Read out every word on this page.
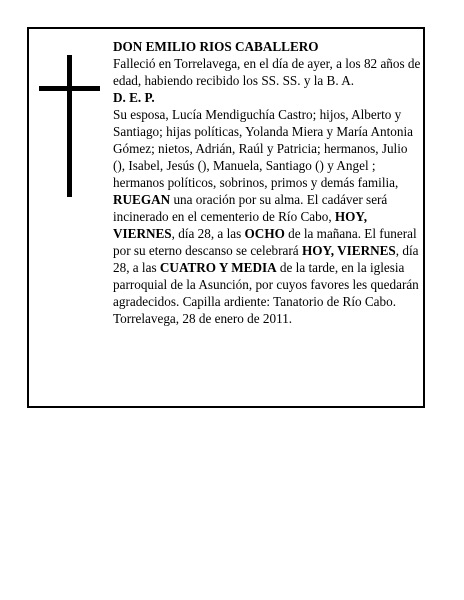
DON EMILIO RIOS CABALLERO

Falleció en Torrelavega, en el día de ayer, a los 82 años de edad, habiendo recibido los SS. SS. y la B. A.

D. E. P.

Su esposa, Lucía Mendiguchía Castro; hijos, Alberto y Santiago; hijas políticas, Yolanda Miera y María Antonia Gómez; nietos, Adrián, Raúl y Patricia; hermanos, Julio (), Isabel, Jesús (), Manuela, Santiago () y Angel ; hermanos políticos, sobrinos, primos y demás familia,

RUEGAN una oración por su alma. El cadáver será incinerado en el cementerio de Río Cabo, HOY, VIERNES, día 28, a las OCHO de la mañana. El funeral por su eterno descanso se celebrará HOY, VIERNES, día 28, a las CUATRO Y MEDIA de la tarde, en la iglesia parroquial de la Asunción, por cuyos favores les quedarán agradecidos. Capilla ardiente: Tanatorio de Río Cabo.

Torrelavega, 28 de enero de 2011.
